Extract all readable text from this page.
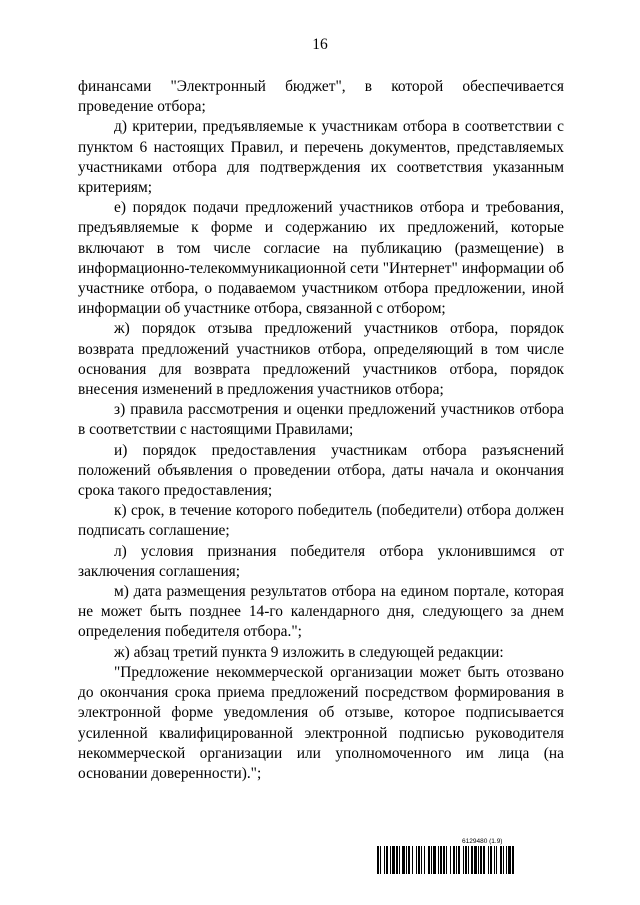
16

финансами "Электронный бюджет", в которой обеспечивается проведение отбора;

д) критерии, предъявляемые к участникам отбора в соответствии с пунктом 6 настоящих Правил, и перечень документов, представляемых участниками отбора для подтверждения их соответствия указанным критериям;

е) порядок подачи предложений участников отбора и требования, предъявляемые к форме и содержанию их предложений, которые включают в том числе согласие на публикацию (размещение) в информационно-телекоммуникационной сети "Интернет" информации об участнике отбора, о подаваемом участником отбора предложении, иной информации об участнике отбора, связанной с отбором;

ж) порядок отзыва предложений участников отбора, порядок возврата предложений участников отбора, определяющий в том числе основания для возврата предложений участников отбора, порядок внесения изменений в предложения участников отбора;

з) правила рассмотрения и оценки предложений участников отбора в соответствии с настоящими Правилами;

и) порядок предоставления участникам отбора разъяснений положений объявления о проведении отбора, даты начала и окончания срока такого предоставления;

к) срок, в течение которого победитель (победители) отбора должен подписать соглашение;

л) условия признания победителя отбора уклонившимся от заключения соглашения;

м) дата размещения результатов отбора на едином портале, которая не может быть позднее 14-го календарного дня, следующего за днем определения победителя отбора.";

ж) абзац третий пункта 9 изложить в следующей редакции:

"Предложение некоммерческой организации может быть отозвано до окончания срока приема предложений посредством формирования в электронной форме уведомления об отзыве, которое подписывается усиленной квалифицированной электронной подписью руководителя некоммерческой организации или уполномоченного им лица (на основании доверенности).";

6129480 (1.9)
